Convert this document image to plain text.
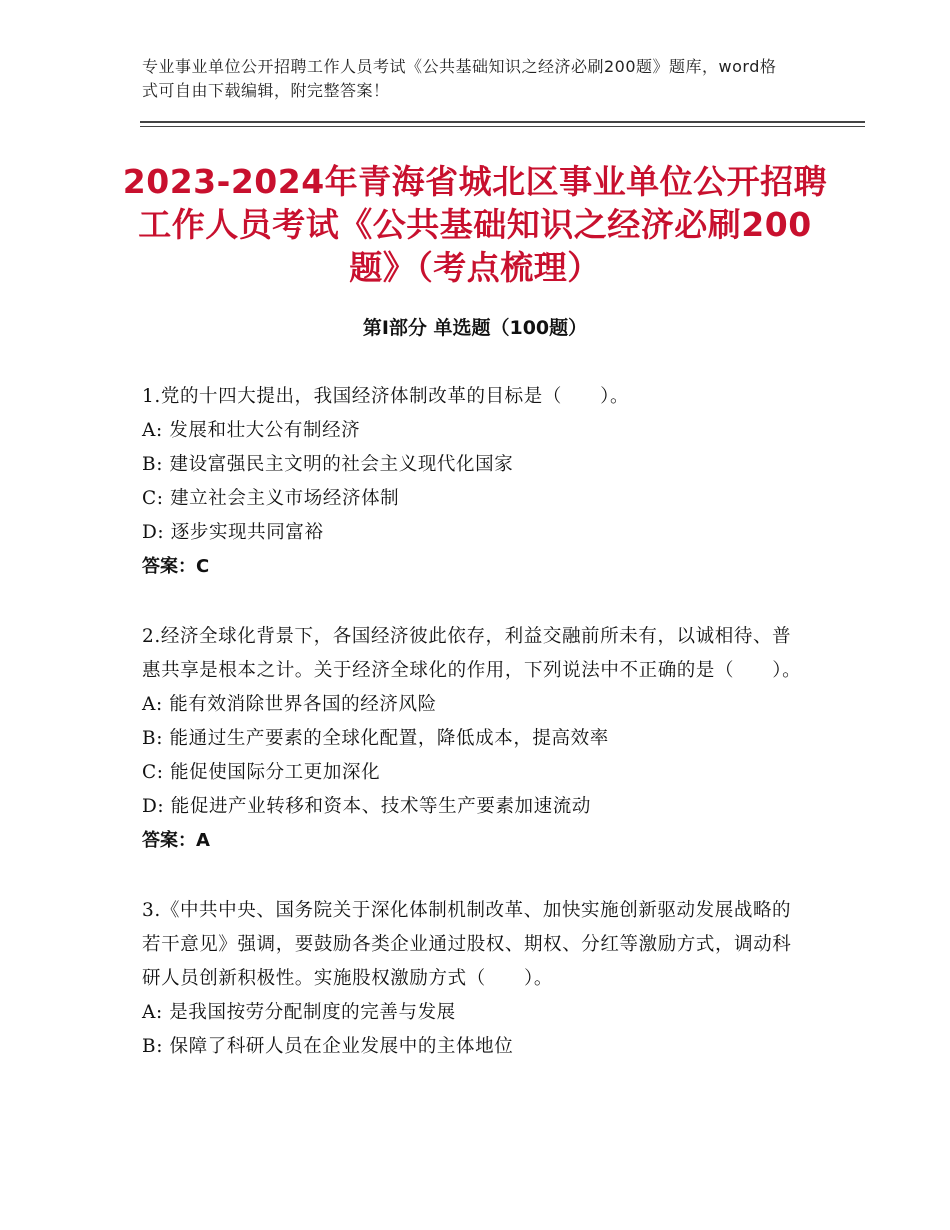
专业事业单位公开招聘工作人员考试《公共基础知识之经济必刷200题》题库，word格式可自由下载编辑，附完整答案！
2023-2024年青海省城北区事业单位公开招聘工作人员考试《公共基础知识之经济必刷200题》（考点梳理）
第Ⅰ部分 单选题（100题）
1.党的十四大提出，我国经济体制改革的目标是（　　）。
A: 发展和壮大公有制经济
B: 建设富强民主文明的社会主义现代化国家
C: 建立社会主义市场经济体制
D: 逐步实现共同富裕
答案：C
2.经济全球化背景下，各国经济彼此依存，利益交融前所未有，以诚相待、普惠共享是根本之计。关于经济全球化的作用，下列说法中不正确的是（　　）。
A: 能有效消除世界各国的经济风险
B: 能通过生产要素的全球化配置，降低成本，提高效率
C: 能促使国际分工更加深化
D: 能促进产业转移和资本、技术等生产要素加速流动
答案：A
3.《中共中央、国务院关于深化体制机制改革、加快实施创新驱动发展战略的若干意见》强调，要鼓励各类企业通过股权、期权、分红等激励方式，调动科研人员创新积极性。实施股权激励方式（　　）。
A: 是我国按劳分配制度的完善与发展
B: 保障了科研人员在企业发展中的主体地位
